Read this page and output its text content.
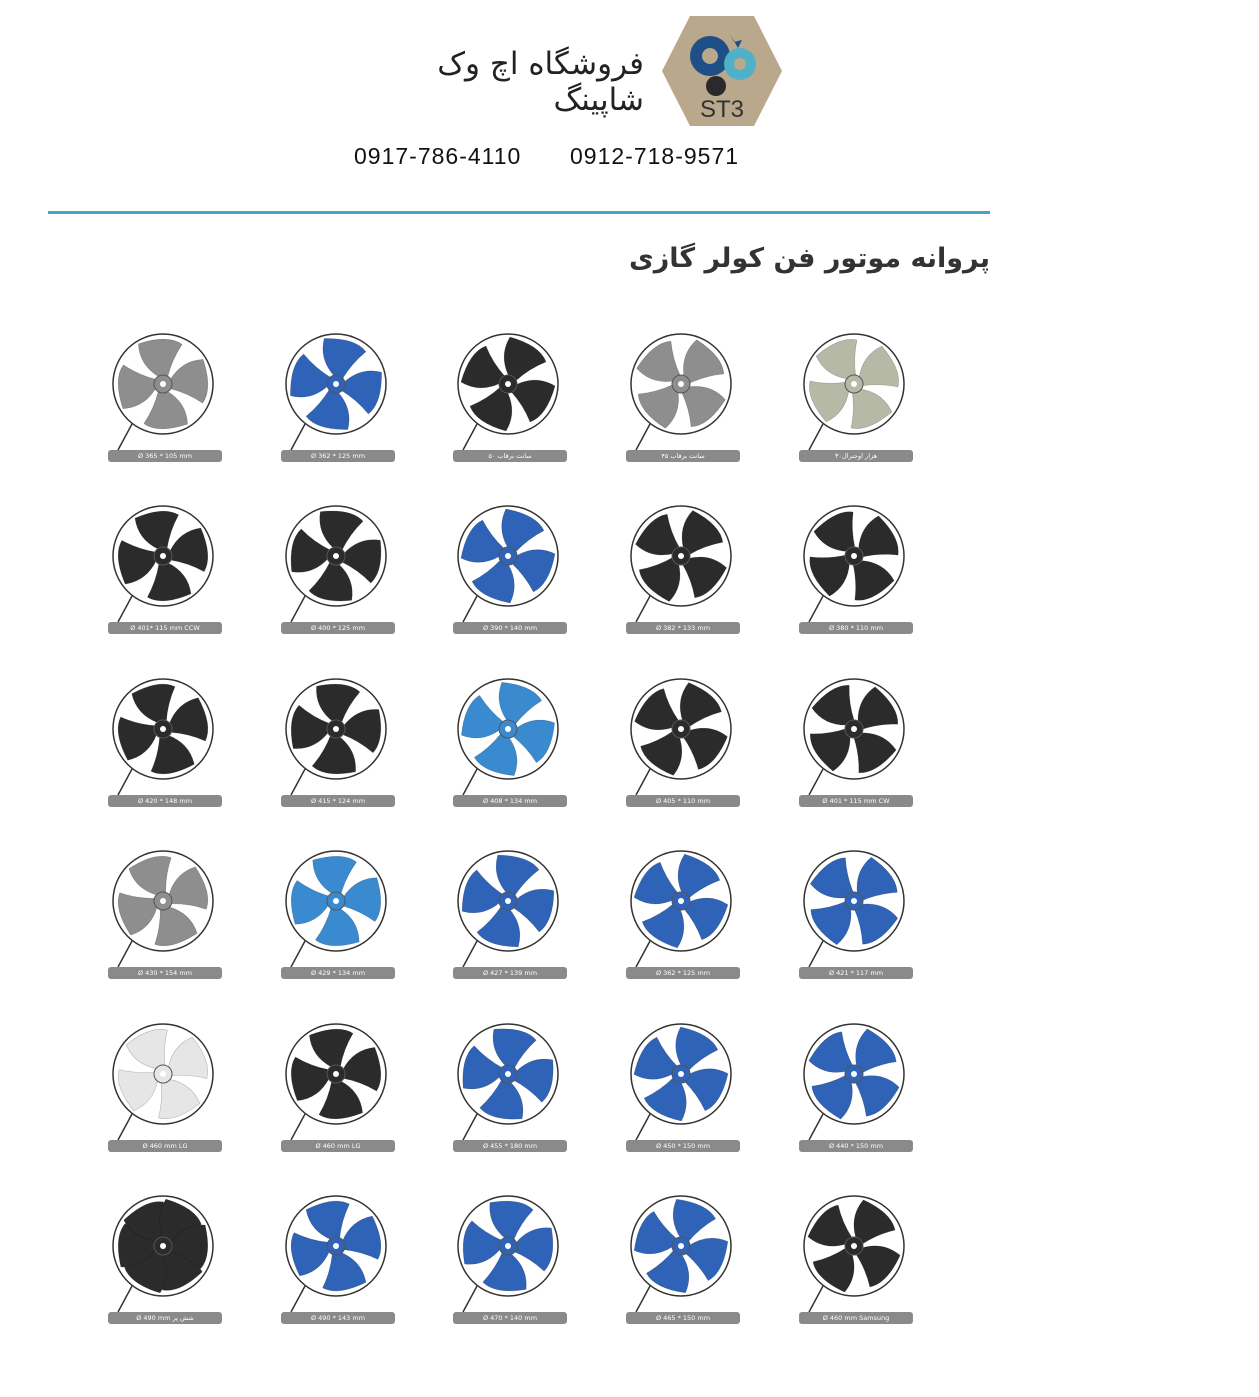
ST3
فروشگاه اچ وک شاپینگ
0912-718-9571
0917-786-4110
پروانه موتور فن کولر گازی
Ø 365 * 105 mm	Ø 362 * 125 mm	۵۰ سانت برقاب	۴۵ سانت برقاب	۳۰هزار اوجنرال
Ø 401* 115 mm CCW	Ø 400 * 125 mm	Ø 390 * 140 mm	Ø 382 * 133 mm	Ø 380 * 110 mm
Ø 420 * 148 mm	Ø 415 * 124 mm	Ø 408 * 134 mm	Ø 405 * 110 mm	Ø 401 * 115 mm CW
Ø 430 * 154 mm	Ø 429 * 134 mm	Ø 427 * 139 mm	Ø 362 * 125 mm	Ø 421 * 117 mm
Ø 460 mm LG	Ø 460 mm LG	Ø 455 * 180 mm	Ø 450 * 150 mm	Ø 440 * 150 mm
Ø 490 mm شش پر	Ø 490 * 143 mm	Ø 470 * 140 mm	Ø 465 * 150 mm	Ø 460 mm Samsung
